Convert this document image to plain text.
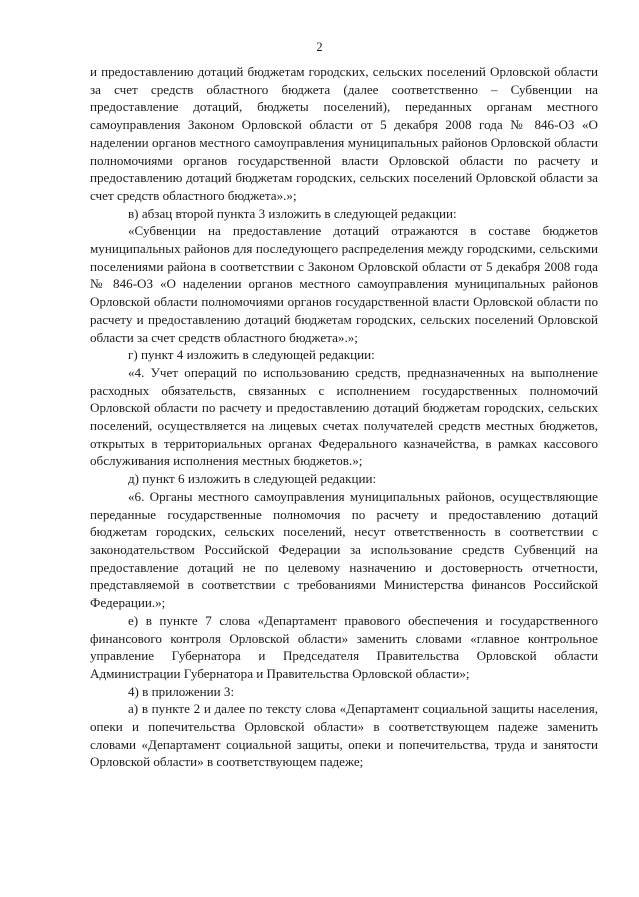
2

и предоставлению дотаций бюджетам городских, сельских поселений Орловской области за счет средств областного бюджета (далее соответственно – Субвенции на предоставление дотаций, бюджеты поселений), переданных органам местного самоуправления Законом Орловской области от 5 декабря 2008 года № 846-ОЗ «О наделении органов местного самоуправления муниципальных районов Орловской области полномочиями органов государственной власти Орловской области по расчету и предоставлению дотаций бюджетам городских, сельских поселений Орловской области за счет средств областного бюджета».»;

в) абзац второй пункта 3 изложить в следующей редакции:

«Субвенции на предоставление дотаций отражаются в составе бюджетов муниципальных районов для последующего распределения между городскими, сельскими поселениями района в соответствии с Законом Орловской области от 5 декабря 2008 года № 846-ОЗ «О наделении органов местного самоуправления муниципальных районов Орловской области полномочиями органов государственной власти Орловской области по расчету и предоставлению дотаций бюджетам городских, сельских поселений Орловской области за счет средств областного бюджета».»;

г) пункт 4 изложить в следующей редакции:

«4. Учет операций по использованию средств, предназначенных на выполнение расходных обязательств, связанных с исполнением государственных полномочий Орловской области по расчету и предоставлению дотаций бюджетам городских, сельских поселений, осуществляется на лицевых счетах получателей средств местных бюджетов, открытых в территориальных органах Федерального казначейства, в рамках кассового обслуживания исполнения местных бюджетов.»;

д) пункт 6 изложить в следующей редакции:

«6. Органы местного самоуправления муниципальных районов, осуществляющие переданные государственные полномочия по расчету и предоставлению дотаций бюджетам городских, сельских поселений, несут ответственность в соответствии с законодательством Российской Федерации за использование средств Субвенций на предоставление дотаций не по целевому назначению и достоверность отчетности, представляемой в соответствии с требованиями Министерства финансов Российской Федерации.»;

е) в пункте 7 слова «Департамент правового обеспечения и государственного финансового контроля Орловской области» заменить словами «главное контрольное управление Губернатора и Председателя Правительства Орловской области Администрации Губернатора и Правительства Орловской области»;

4) в приложении 3:

а) в пункте 2 и далее по тексту слова «Департамент социальной защиты населения, опеки и попечительства Орловской области» в соответствующем падеже заменить словами «Департамент социальной защиты, опеки и попечительства, труда и занятости Орловской области» в соответствующем падеже;
